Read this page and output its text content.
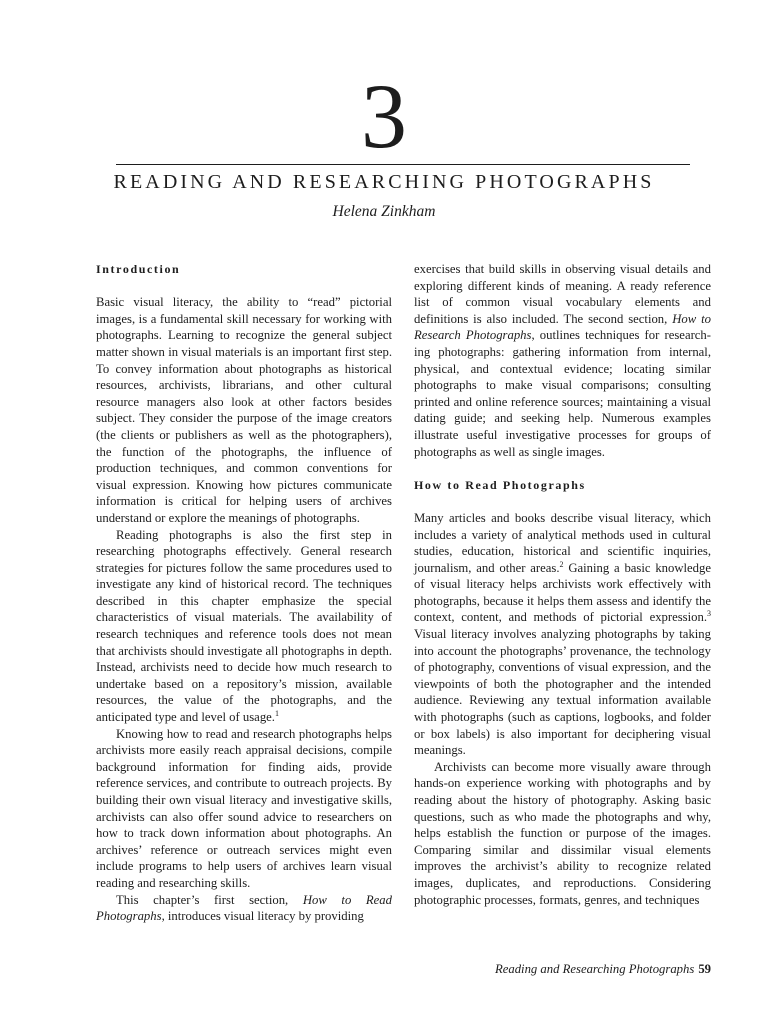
3
READING AND RESEARCHING PHOTOGRAPHS
Helena Zinkham
Introduction

Basic visual literacy, the ability to “read” pictorial images, is a fundamental skill necessary for working with photographs. Learning to recognize the general subject matter shown in visual materials is an important first step. To convey information about photographs as historical resources, archivists, librarians, and other cultural resource managers also look at other factors besides subject. They consider the purpose of the image creators (the clients or publishers as well as the photographers), the function of the photographs, the influence of production techniques, and common conventions for visual expression. Knowing how pictures communicate information is critical for helping users of archives understand or explore the meanings of photographs.

Reading photographs is also the first step in researching photographs effectively. General research strategies for pictures follow the same procedures used to investigate any kind of historical record. The techniques described in this chapter emphasize the special characteristics of visual materials. The availability of research techniques and reference tools does not mean that archivists should investigate all photographs in depth. Instead, archivists need to decide how much research to undertake based on a repository’s mission, available resources, the value of the photographs, and the anticipated type and level of usage.$^1$

Knowing how to read and research photographs helps archivists more easily reach appraisal decisions, compile background information for finding aids, provide reference services, and contribute to outreach projects. By building their own visual literacy and investigative skills, archivists can also offer sound advice to researchers on how to track down information about photographs. An archives’ reference or outreach services might even include programs to help users of archives learn visual reading and researching skills.

This chapter’s first section, How to Read Photographs, introduces visual literacy by providing

exercises that build skills in observing visual details and exploring different kinds of meaning. A ready reference list of common visual vocabulary elements and definitions is also included. The second section, How to Research Photographs, outlines techniques for researching photographs: gathering information from internal, physical, and contextual evidence; locating similar photographs to make visual comparisons; consulting printed and online reference sources; maintaining a visual dating guide; and seeking help. Numerous examples illustrate useful investigative processes for groups of photographs as well as single images.

How to Read Photographs

Many articles and books describe visual literacy, which includes a variety of analytical methods used in cultural studies, education, historical and scientific inquiries, journalism, and other areas.$^2$ Gaining a basic knowledge of visual literacy helps archivists work effectively with photographs, because it helps them assess and identify the context, content, and methods of pictorial expression.$^3$ Visual literacy involves analyzing photographs by taking into account the photographs’ provenance, the technology of photography, conventions of visual expression, and the viewpoints of both the photographer and the intended audience. Reviewing any textual information available with photographs (such as captions, logbooks, and folder or box labels) is also important for deciphering visual meanings.

Archivists can become more visually aware through hands-on experience working with photographs and by reading about the history of photography. Asking basic questions, such as who made the photographs and why, helps establish the function or purpose of the images. Comparing similar and dissimilar visual elements improves the archivist’s ability to recognize related images, duplicates, and reproductions. Considering photographic processes, formats, genres, and techniques

Reading and Researching Photographs 59
